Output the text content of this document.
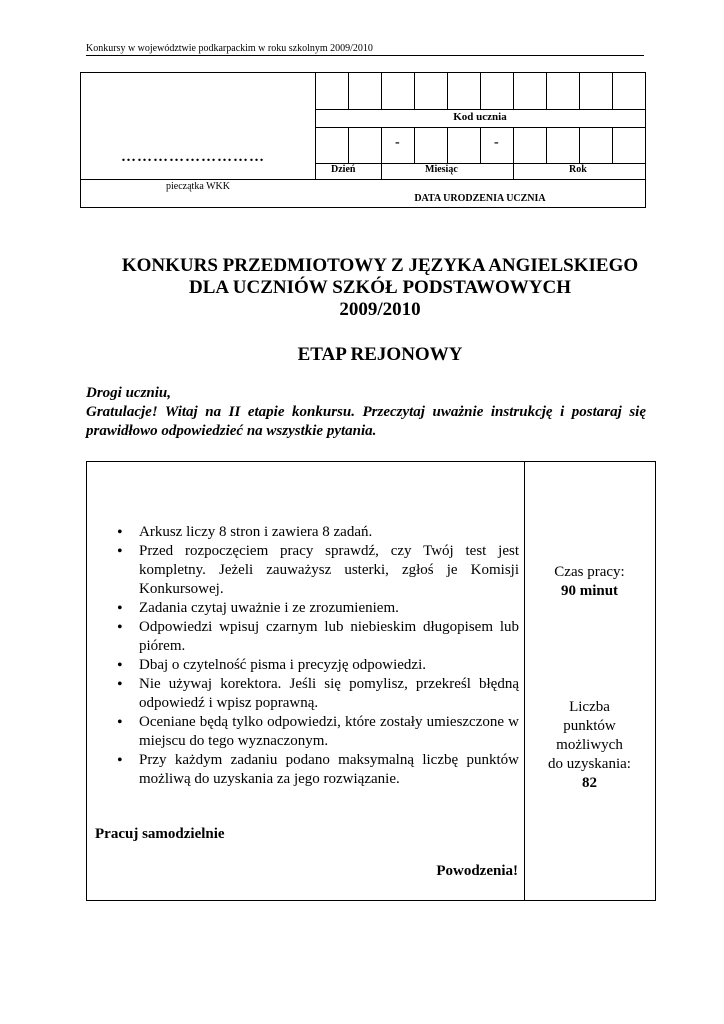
Konkursy w województwie podkarpackim w roku szkolnym 2009/2010
………………………
pieczątka WKK
Kod ucznia
-	-
Dzień	Miesiąc	Rok
DATA URODZENIA UCZNIA
KONKURS PRZEDMIOTOWY Z JĘZYKA ANGIELSKIEGO
DLA UCZNIÓW SZKÓŁ PODSTAWOWYCH
2009/2010
ETAP REJONOWY
Drogi uczniu,
Gratulacje! Witaj na II etapie konkursu. Przeczytaj uważnie instrukcję i postaraj się prawidłowo odpowiedzieć na wszystkie pytania.
• Arkusz liczy 8 stron i zawiera 8 zadań.
• Przed rozpoczęciem pracy sprawdź, czy Twój test jest kompletny. Jeżeli zauważysz usterki, zgłoś je Komisji Konkursowej.
• Zadania czytaj uważnie i ze zrozumieniem.
• Odpowiedzi wpisuj czarnym lub niebieskim długopisem lub piórem.
• Dbaj o czytelność pisma i precyzję odpowiedzi.
• Nie używaj korektora. Jeśli się pomylisz, przekreśl błędną odpowiedź i wpisz poprawną.
• Oceniane będą tylko odpowiedzi, które zostały umieszczone w miejscu do tego wyznaczonym.
• Przy każdym zadaniu podano maksymalną liczbę punktów możliwą do uzyskania za jego rozwiązanie.
Pracuj samodzielnie
Powodzenia!
Czas pracy:
90 minut
Liczba
punktów
możliwych
do uzyskania:
82
